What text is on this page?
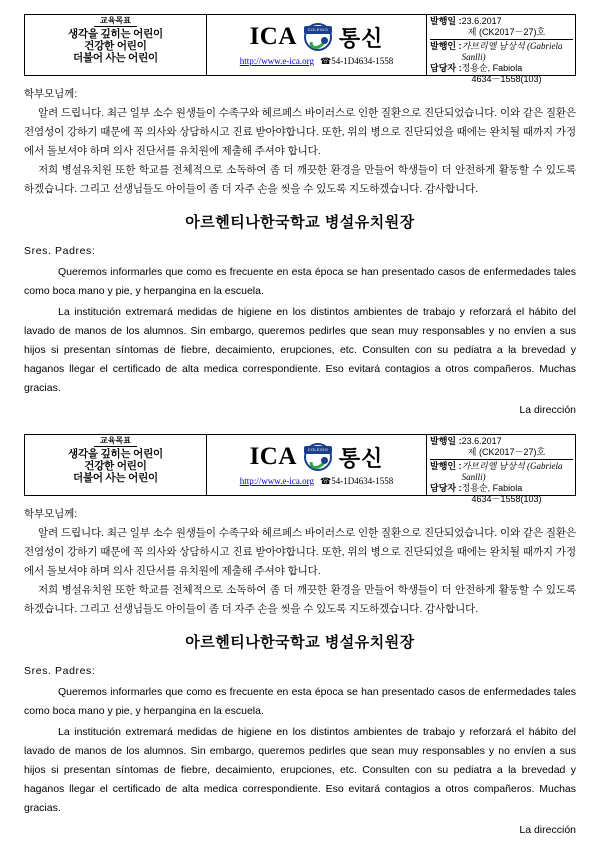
교육목표
생각을 깊히는 어린이
건강한 어린이
더불어 사는 어린이
ICA	COLEGIO 통신
http://www.e-ica.org ☎54-1D4634-1558
발행일 : 23.6.2017
제 (CK2017－27)호
발행인 : 가브리엘 남상석 (Gabriela Sanlli)
담당자 : 정용순, Fabiola
4634－1558(103)

학부모님께:

알려 드립니다. 최근 일부 소수 원생들이 수족구와 헤르페스 바이러스로 인한 질환으로 진단되었습니다. 이와 같은 질환은 전염성이 강하기 때문에 꼭 의사와 상담하시고 진료 받아야합니다. 또한, 위의 병으로 진단되었을 때에는 완치될 때까지 가정에서 돌보셔야 하며 의사 진단서를 유치원에 제출해 주셔야 합니다.

저희 병설유치원 또한 학교를 전체적으로 소독하여 좀 더 깨끗한 환경을 만들어 학생들이 더 안전하게 활동할 수 있도록 하겠습니다. 그리고 선생님들도 아이들이 좀 더 자주 손을 씻을 수 있도록 지도하겠습니다. 감사합니다.

아르헨티나한국학교 병설유치원장
Sres. Padres:

Queremos informarles que como es frecuente en esta época se han presentado casos de enfermedades tales como boca mano y pie, y herpangina en la escuela.

La institución extremará medidas de higiene en los distintos ambientes de trabajo y reforzará el hábito del lavado de manos de los alumnos. Sin embargo, queremos pedirles que sean muy responsables y no envíen a sus hijos si presentan síntomas de fiebre, decaimiento, erupciones, etc. Consulten con su pediatra a la brevedad y haganos llegar el certificado de alta medica correspondiente. Eso evitará contagios a otros compañeros. Muchas gracias.

La dirección
교육목표
생각을 깊히는 어린이
건강한 어린이
더불어 사는 어린이
ICA	COLEGIO 통신
http://www.e-ica.org ☎54-1D4634-1558
발행일 : 23.6.2017
제 (CK2017－27)호
발행인 : 가브리엘 남상석 (Gabriela Sanlli)
담당자 : 정용순, Fabiola
4634－1558(103)

학부모님께:

알려 드립니다. 최근 일부 소수 원생들이 수족구와 헤르페스 바이러스로 인한 질환으로 진단되었습니다. 이와 같은 질환은 전염성이 강하기 때문에 꼭 의사와 상담하시고 진료 받아야합니다. 또한, 위의 병으로 진단되었을 때에는 완치될 때까지 가정에서 돌보셔야 하며 의사 진단서를 유치원에 제출해 주셔야 합니다.

저희 병설유치원 또한 학교를 전체적으로 소독하여 좀 더 깨끗한 환경을 만들어 학생들이 더 안전하게 활동할 수 있도록 하겠습니다. 그리고 선생님들도 아이들이 좀 더 자주 손을 씻을 수 있도록 지도하겠습니다. 감사합니다.

아르헨티나한국학교 병설유치원장
Sres. Padres:

Queremos informarles que como es frecuente en esta época se han presentado casos de enfermedades tales como boca mano y pie, y herpangina en la escuela.

La institución extremará medidas de higiene en los distintos ambientes de trabajo y reforzará el hábito del lavado de manos de los alumnos. Sin embargo, queremos pedirles que sean muy responsables y no envíen a sus hijos si presentan síntomas de fiebre, decaimiento, erupciones, etc. Consulten con su pediatra a la brevedad y haganos llegar el certificado de alta medica correspondiente. Eso evitará contagios a otros compañeros. Muchas gracias.

La dirección
